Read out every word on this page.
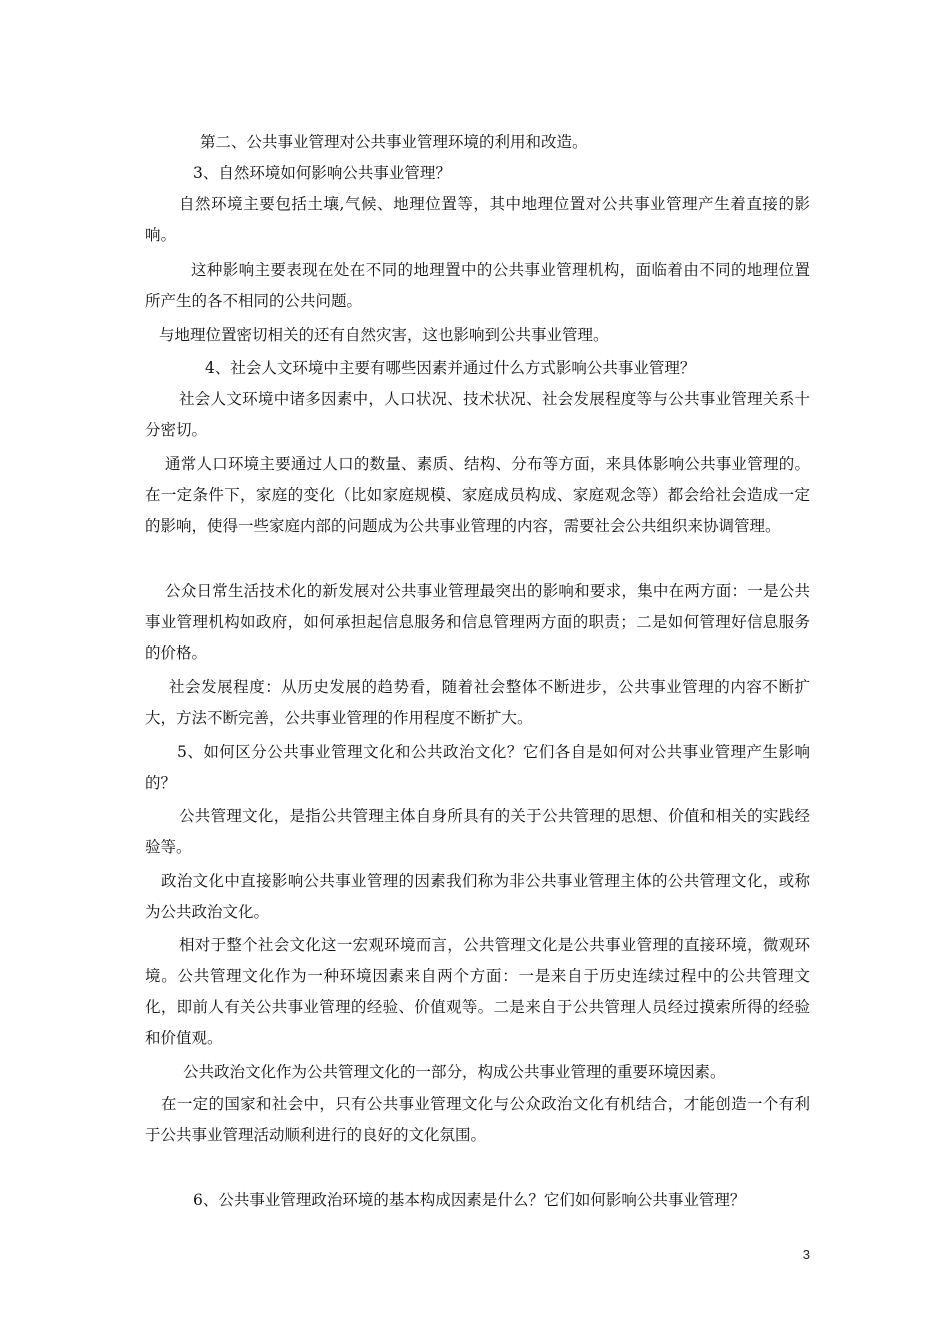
第二、公共事业管理对公共事业管理环境的利用和改造。

3、自然环境如何影响公共事业管理？

自然环境主要包括土壤,气候、地理位置等，其中地理位置对公共事业管理产生着直接的影响。

这种影响主要表现在处在不同的地理置中的公共事业管理机构，面临着由不同的地理位置所产生的各不相同的公共问题。

与地理位置密切相关的还有自然灾害，这也影响到公共事业管理。

4、社会人文环境中主要有哪些因素并通过什么方式影响公共事业管理？

社会人文环境中诸多因素中，人口状况、技术状况、社会发展程度等与公共事业管理关系十分密切。

通常人口环境主要通过人口的数量、素质、结构、分布等方面，来具体影响公共事业管理的。在一定条件下，家庭的变化（比如家庭规模、家庭成员构成、家庭观念等）都会给社会造成一定的影响，使得一些家庭内部的问题成为公共事业管理的内容，需要社会公共组织来协调管理。

公众日常生活技术化的新发展对公共事业管理最突出的影响和要求，集中在两方面：一是公共事业管理机构如政府，如何承担起信息服务和信息管理两方面的职责；二是如何管理好信息服务的价格。

社会发展程度：从历史发展的趋势看，随着社会整体不断进步，公共事业管理的内容不断扩大，方法不断完善，公共事业管理的作用程度不断扩大。

5、如何区分公共事业管理文化和公共政治文化？它们各自是如何对公共事业管理产生影响的？

公共管理文化，是指公共管理主体自身所具有的关于公共管理的思想、价值和相关的实践经验等。

政治文化中直接影响公共事业管理的因素我们称为非公共事业管理主体的公共管理文化，或称为公共政治文化。

相对于整个社会文化这一宏观环境而言，公共管理文化是公共事业管理的直接环境，微观环境。公共管理文化作为一种环境因素来自两个方面：一是来自于历史连续过程中的公共管理文化，即前人有关公共事业管理的经验、价值观等。二是来自于公共管理人员经过摸索所得的经验和价值观。

公共政治文化作为公共管理文化的一部分，构成公共事业管理的重要环境因素。

在一定的国家和社会中，只有公共事业管理文化与公众政治文化有机结合，才能创造一个有利于公共事业管理活动顺利进行的良好的文化氛围。

6、公共事业管理政治环境的基本构成因素是什么？它们如何影响公共事业管理？

3
